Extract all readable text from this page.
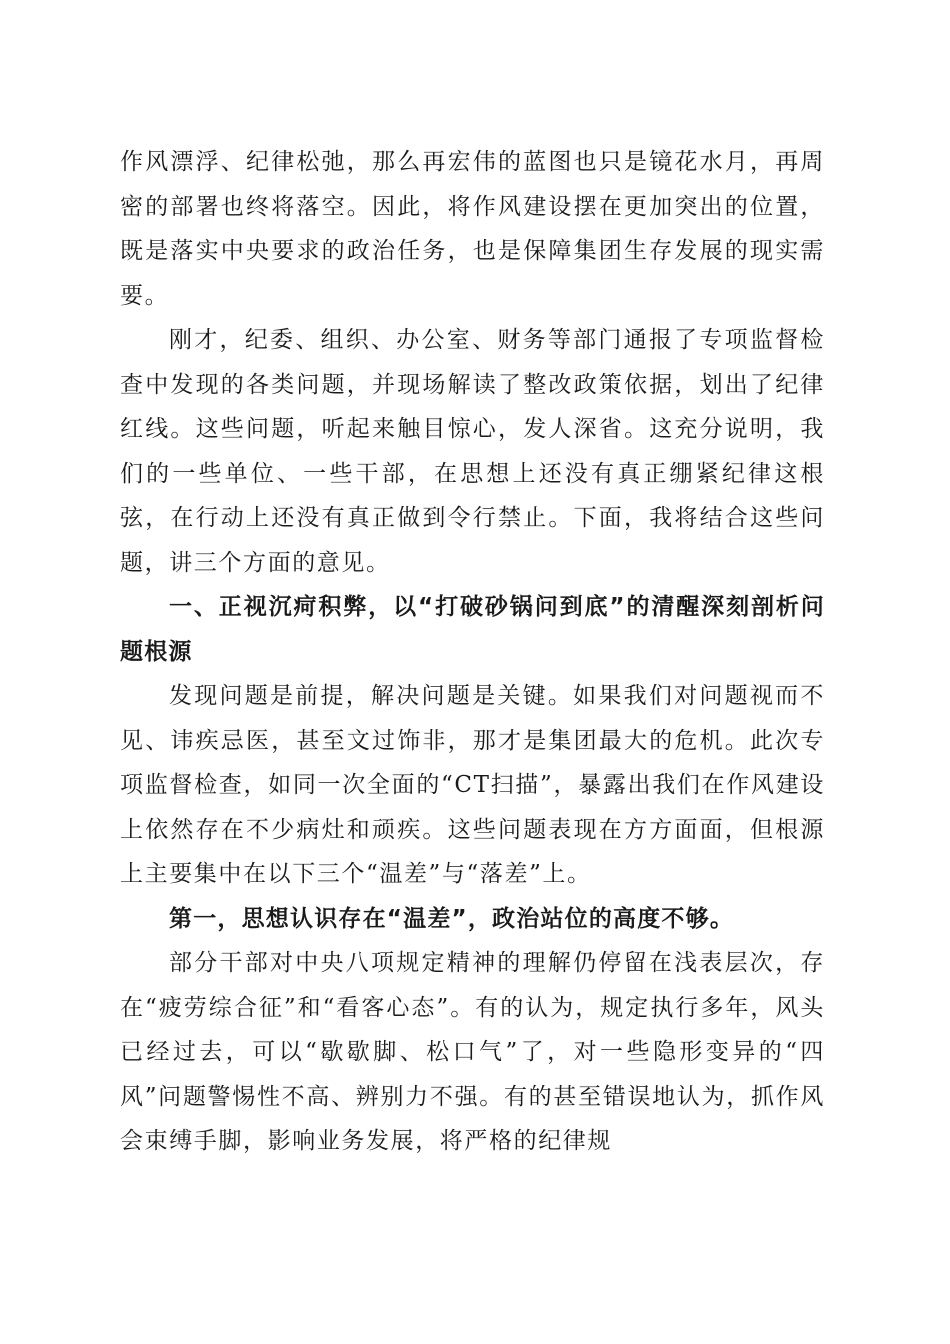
作风漂浮、纪律松弛，那么再宏伟的蓝图也只是镜花水月，再周密的部署也终将落空。因此，将作风建设摆在更加突出的位置，既是落实中央要求的政治任务，也是保障集团生存发展的现实需要。

刚才，纪委、组织、办公室、财务等部门通报了专项监督检查中发现的各类问题，并现场解读了整改政策依据，划出了纪律红线。这些问题，听起来触目惊心，发人深省。这充分说明，我们的一些单位、一些干部，在思想上还没有真正绷紧纪律这根弦，在行动上还没有真正做到令行禁止。下面，我将结合这些问题，讲三个方面的意见。

一、正视沉疴积弊，以“打破砂锅问到底”的清醒深刻剖析问题根源

发现问题是前提，解决问题是关键。如果我们对问题视而不见、讳疾忌医，甚至文过饰非，那才是集团最大的危机。此次专项监督检查，如同一次全面的“CT扫描”，暴露出我们在作风建设上依然存在不少病灶和顽疾。这些问题表现在方方面面，但根源上主要集中在以下三个“温差”与“落差”上。

第一，思想认识存在“温差”，政治站位的高度不够。

部分干部对中央八项规定精神的理解仍停留在浅表层次，存在“疲劳综合征”和“看客心态”。有的认为，规定执行多年，风头已经过去，可以“歇歇脚、松口气”了，对一些隐形变异的“四风”问题警惕性不高、辨别力不强。有的甚至错误地认为，抓作风会束缚手脚，影响业务发展，将严格的纪律规
